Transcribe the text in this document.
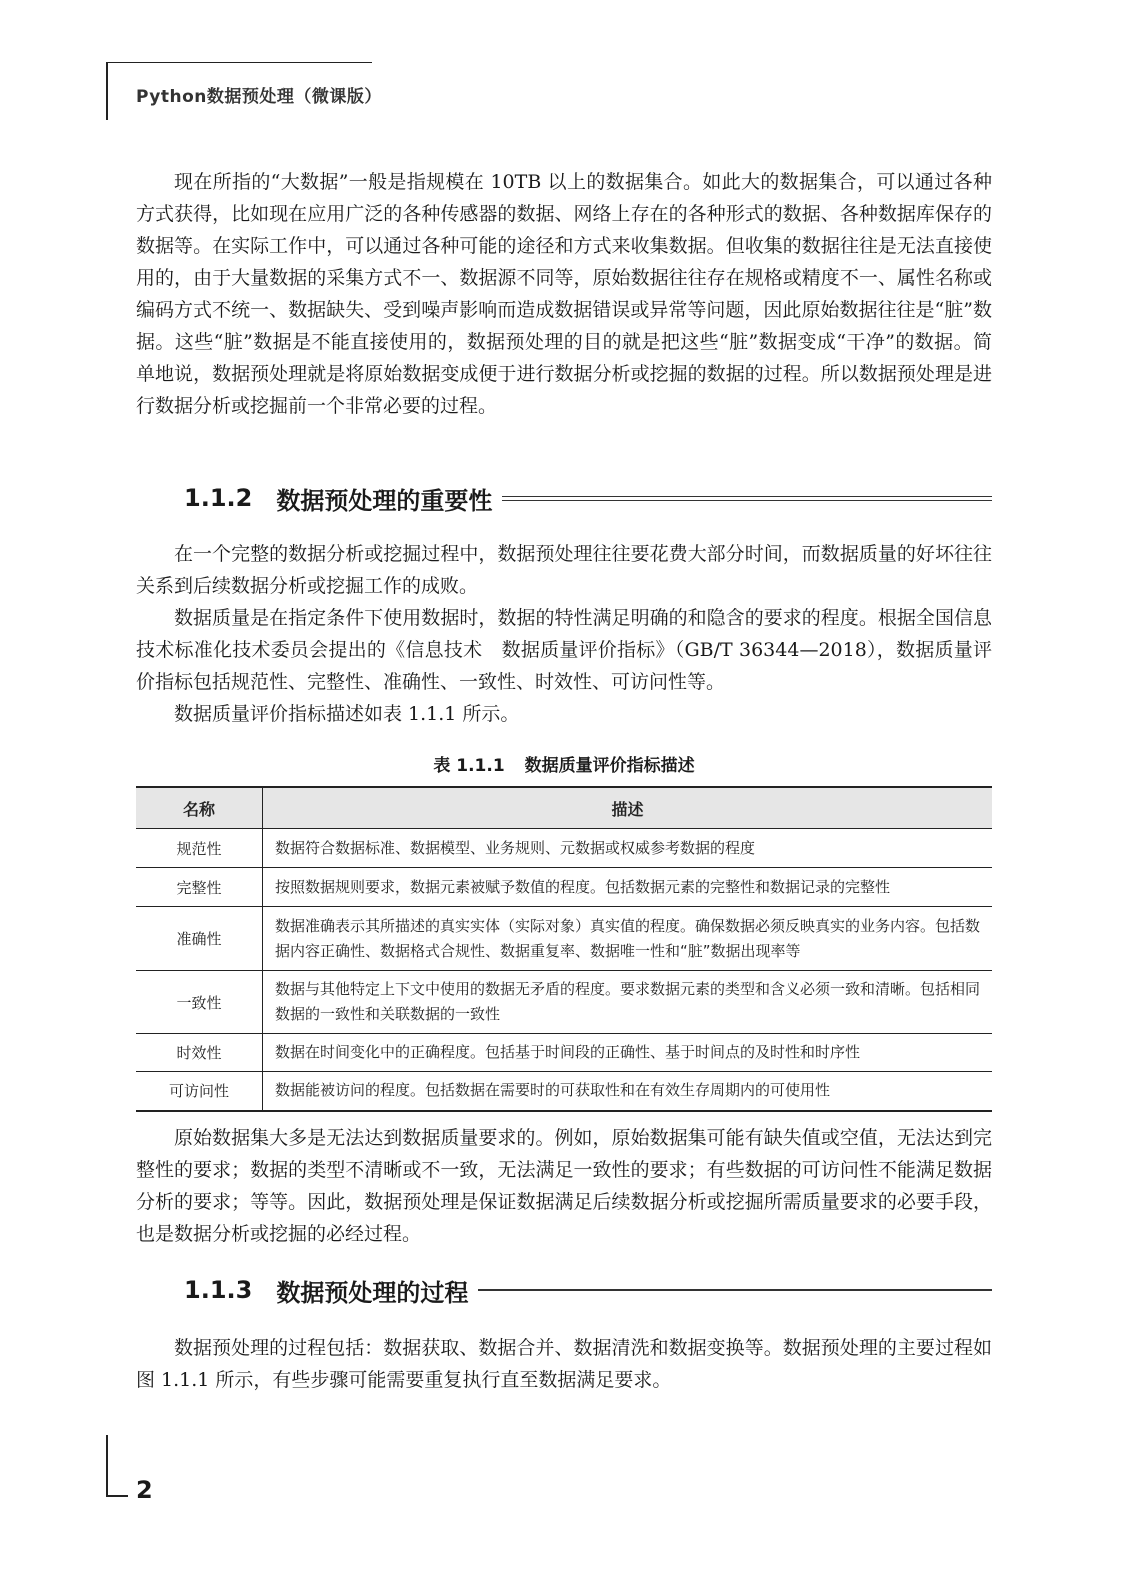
Python数据预处理（微课版）

现在所指的“大数据”一般是指规模在 10TB 以上的数据集合。如此大的数据集合，可以通过各种方式获得，比如现在应用广泛的各种传感器的数据、网络上存在的各种形式的数据、各种数据库保存的数据等。在实际工作中，可以通过各种可能的途径和方式来收集数据。但收集的数据往往是无法直接使用的，由于大量数据的采集方式不一、数据源不同等，原始数据往往存在规格或精度不一、属性名称或编码方式不统一、数据缺失、受到噪声影响而造成数据错误或异常等问题，因此原始数据往往是“脏”数据。这些“脏”数据是不能直接使用的，数据预处理的目的就是把这些“脏”数据变成“干净”的数据。简单地说，数据预处理就是将原始数据变成便于进行数据分析或挖掘的数据的过程。所以数据预处理是进行数据分析或挖掘前一个非常必要的过程。

1.1.2 数据预处理的重要性

在一个完整的数据分析或挖掘过程中，数据预处理往往要花费大部分时间，而数据质量的好坏往往关系到后续数据分析或挖掘工作的成败。

数据质量是在指定条件下使用数据时，数据的特性满足明确的和隐含的要求的程度。根据全国信息技术标准化技术委员会提出的《信息技术　数据质量评价指标》（GB/T 36344—2018），数据质量评价指标包括规范性、完整性、准确性、一致性、时效性、可访问性等。

数据质量评价指标描述如表 1.1.1 所示。

表 1.1.1 数据质量评价指标描述
名称	描述
规范性	数据符合数据标准、数据模型、业务规则、元数据或权威参考数据的程度
完整性	按照数据规则要求，数据元素被赋予数值的程度。包括数据元素的完整性和数据记录的完整性
准确性	数据准确表示其所描述的真实实体（实际对象）真实值的程度。确保数据必须反映真实的业务内容。包括数据内容正确性、数据格式合规性、数据重复率、数据唯一性和“脏”数据出现率等
一致性	数据与其他特定上下文中使用的数据无矛盾的程度。要求数据元素的类型和含义必须一致和清晰。包括相同数据的一致性和关联数据的一致性
时效性	数据在时间变化中的正确程度。包括基于时间段的正确性、基于时间点的及时性和时序性
可访问性	数据能被访问的程度。包括数据在需要时的可获取性和在有效生存周期内的可使用性

原始数据集大多是无法达到数据质量要求的。例如，原始数据集可能有缺失值或空值，无法达到完整性的要求；数据的类型不清晰或不一致，无法满足一致性的要求；有些数据的可访问性不能满足数据分析的要求；等等。因此，数据预处理是保证数据满足后续数据分析或挖掘所需质量要求的必要手段，也是数据分析或挖掘的必经过程。

1.1.3 数据预处理的过程

数据预处理的过程包括：数据获取、数据合并、数据清洗和数据变换等。数据预处理的主要过程如图 1.1.1 所示，有些步骤可能需要重复执行直至数据满足要求。

2
